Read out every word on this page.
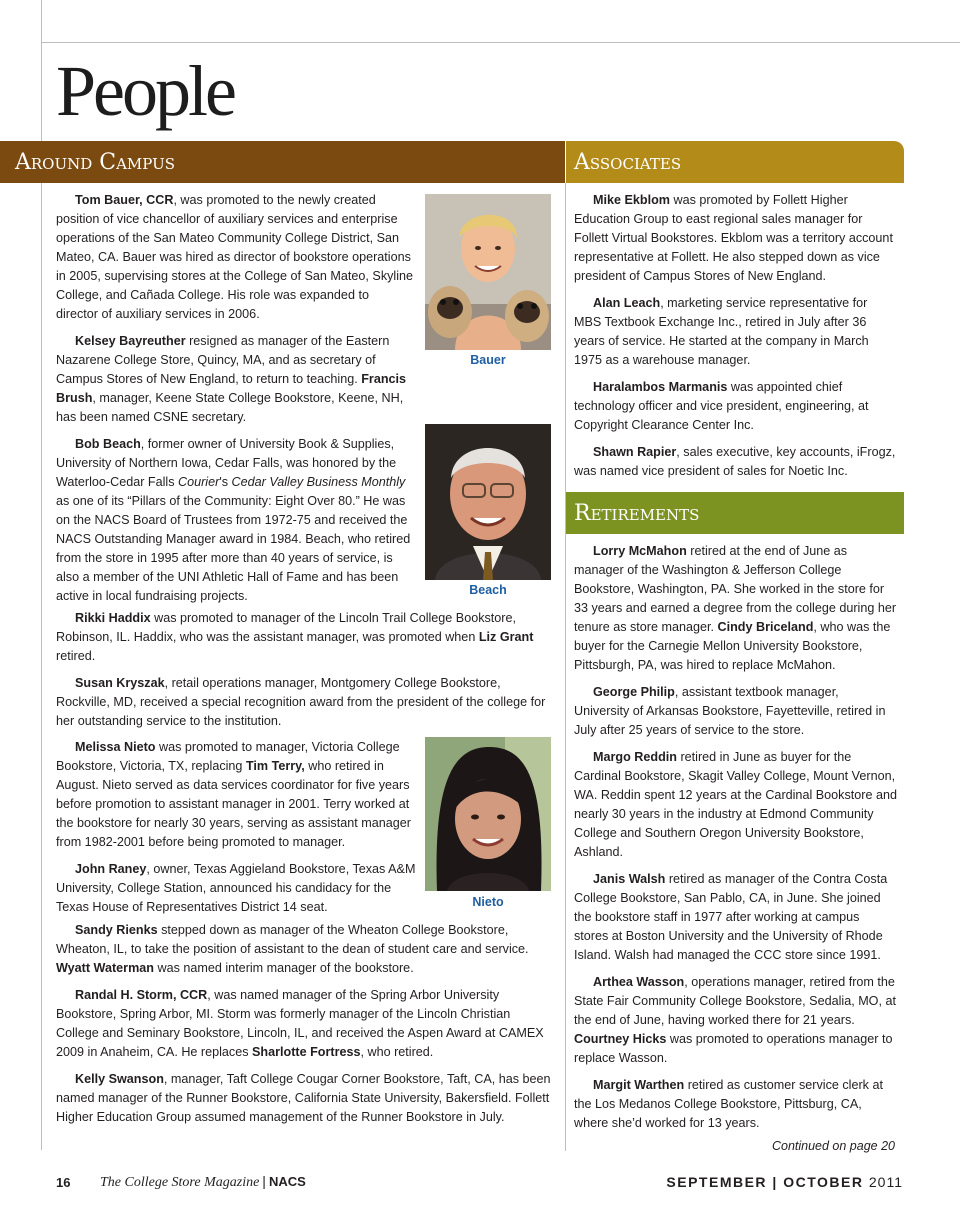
People
Around Campus	Associates
Retirements

Tom Bauer, CCR, was promoted to the newly created position of vice chancellor of auxiliary services and enterprise operations of the San Mateo Community College District, San Mateo, CA. Bauer was hired as director of bookstore operations in 2005, supervising stores at the College of San Mateo, Skyline College, and Cañada College. His role was expanded to director of auxiliary services in 2006.

Kelsey Bayreuther resigned as manager of the Eastern Nazarene College Store, Quincy, MA, and as secretary of Campus Stores of New England, to return to teaching. Francis Brush, manager, Keene State College Bookstore, Keene, NH, has been named CSNE secretary.

Bob Beach, former owner of University Book & Supplies, University of Northern Iowa, Cedar Falls, was honored by the Waterloo-Cedar Falls Courier's Cedar Valley Business Monthly as one of its “Pillars of the Community: Eight Over 80.” He was on the NACS Board of Trustees from 1972-75 and received the NACS Outstanding Manager award in 1984. Beach, who retired from the store in 1995 after more than 40 years of service, is also a member of the UNI Athletic Hall of Fame and has been active in local fundraising projects.

Rikki Haddix was promoted to manager of the Lincoln Trail College Bookstore, Robinson, IL. Haddix, who was the assistant manager, was promoted when Liz Grant retired.

Susan Kryszak, retail operations manager, Montgomery College Bookstore, Rockville, MD, received a special recognition award from the president of the college for her outstanding service to the institution.

Melissa Nieto was promoted to manager, Victoria College Bookstore, Victoria, TX, replacing Tim Terry, who retired in August. Nieto served as data services coordinator for five years before promotion to assistant manager in 2001. Terry worked at the bookstore for nearly 30 years, serving as assistant manager from 1982-2001 before being promoted to manager.

John Raney, owner, Texas Aggieland Bookstore, Texas A&M University, College Station, announced his candidacy for the Texas House of Representatives District 14 seat.

Sandy Rienks stepped down as manager of the Wheaton College Bookstore, Wheaton, IL, to take the position of assistant to the dean of student care and service. Wyatt Waterman was named interim manager of the bookstore.

Randal H. Storm, CCR, was named manager of the Spring Arbor University Bookstore, Spring Arbor, MI. Storm was formerly manager of the Lincoln Christian College and Seminary Bookstore, Lincoln, IL, and received the Aspen Award at CAMEX 2009 in Anaheim, CA. He replaces Sharlotte Fortress, who retired.

Kelly Swanson, manager, Taft College Cougar Corner Bookstore, Taft, CA, has been named manager of the Runner Bookstore, California State University, Bakersfield. Follett Higher Education Group assumed management of the Runner Bookstore in July.

Mike Ekblom was promoted by Follett Higher Education Group to east regional sales manager for Follett Virtual Bookstores. Ekblom was a territory account representative at Follett. He also stepped down as vice president of Campus Stores of New England.

Alan Leach, marketing service representative for MBS Textbook Exchange Inc., retired in July after 36 years of service. He started at the company in March 1975 as a warehouse manager.

Haralambos Marmanis was appointed chief technology officer and vice president, engineering, at Copyright Clearance Center Inc.

Shawn Rapier, sales executive, key accounts, iFrogz, was named vice president of sales for Noetic Inc.

Lorry McMahon retired at the end of June as manager of the Washington & Jefferson College Bookstore, Washington, PA. She worked in the store for 33 years and earned a degree from the college during her tenure as store manager. Cindy Briceland, who was the buyer for the Carnegie Mellon University Bookstore, Pittsburgh, PA, was hired to replace McMahon.

George Philip, assistant textbook manager, University of Arkansas Bookstore, Fayetteville, retired in July after 25 years of service to the store.

Margo Reddin retired in June as buyer for the Cardinal Bookstore, Skagit Valley College, Mount Vernon, WA. Reddin spent 12 years at the Cardinal Bookstore and nearly 30 years in the industry at Edmond Community College and Southern Oregon University Bookstore, Ashland.

Janis Walsh retired as manager of the Contra Costa College Bookstore, San Pablo, CA, in June. She joined the bookstore staff in 1977 after working at campus stores at Boston University and the University of Rhode Island. Walsh had managed the CCC store since 1991.

Arthea Wasson, operations manager, retired from the State Fair Community College Bookstore, Sedalia, MO, at the end of June, having worked there for 21 years. Courtney Hicks was promoted to operations manager to replace Wasson.

Margit Warthen retired as customer service clerk at the Los Medanos College Bookstore, Pittsburg, CA, where she’d worked for 13 years.

Bauer
Beach
Nieto
Continued on page 20
16 The College Store Magazine | NACS	SEPTEMBER | OCTOBER 2011
